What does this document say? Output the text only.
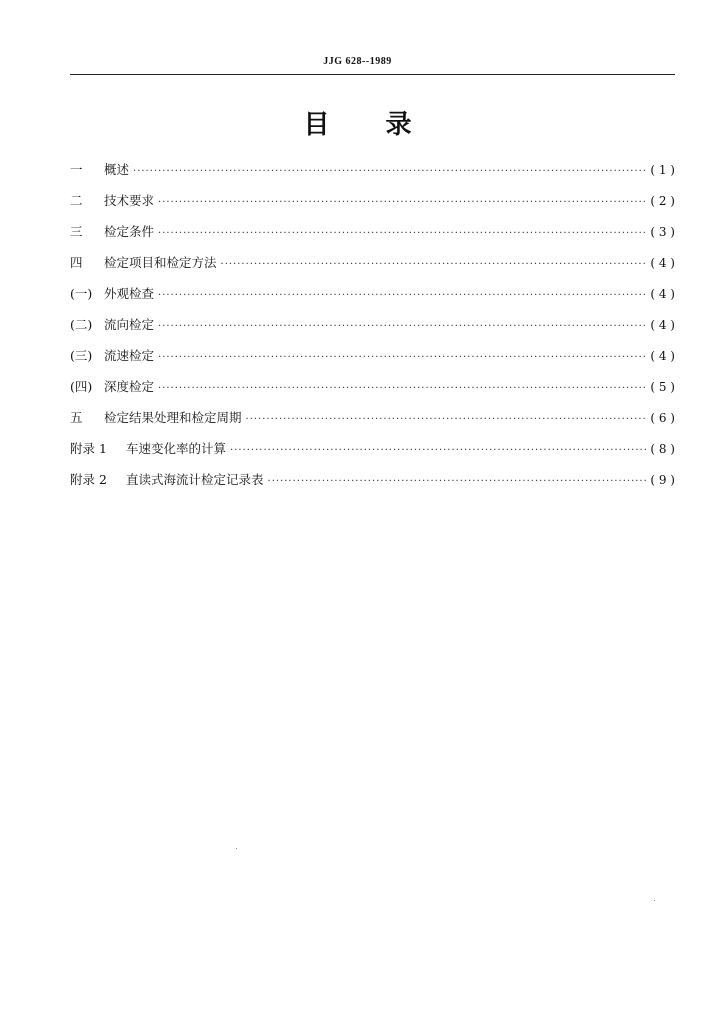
JJG 628--1989
目 录
一	概述 ·····	( 1 )
二	技术要求 ·····	( 2 )
三	检定条件 ·····	( 3 )
四	检定项目和检定方法 ·····	( 4 )
(一) 外观检查 ·····	( 4 )
(二) 流向检定 ·····	( 4 )
(三) 流速检定 ·····	( 4 )
(四) 深度检定 ·····	( 5 )
五	检定结果处理和检定周期 ·····	( 6 )
附录 1	车速变化率的计算 ·····	( 8 )
附录 2	直读式海流计检定记录表 ·····	( 9 )
